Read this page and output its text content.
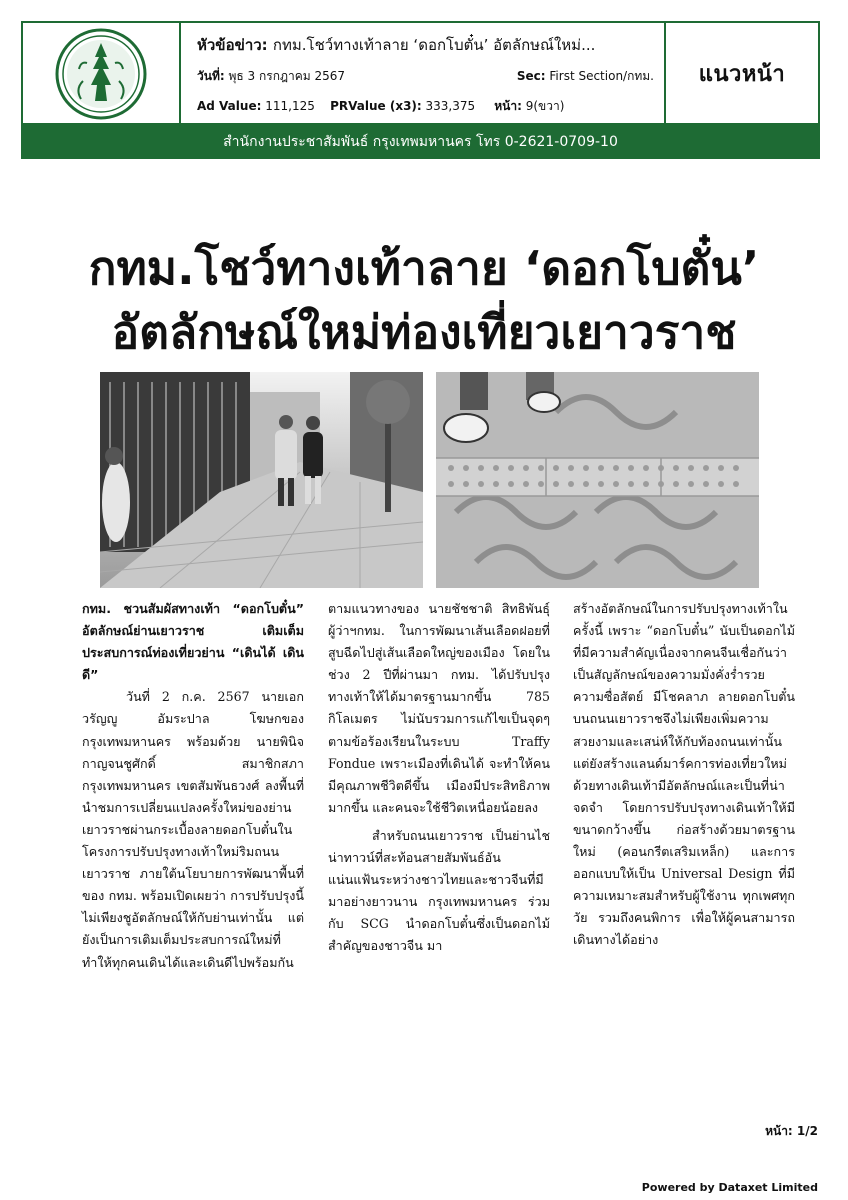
หัวข้อข่าว: กทม.โชว์ทางเท้าลาย ‘ดอกโบตั๋น’ อัตลักษณ์ใหม่...
วันที่: พุธ 3 กรกฎาคม 2567	Sec: First Section/กทม.
Ad Value: 111,125 PRValue (x3): 333,375 หน้า: 9(ขวา)
แนวหน้า
สำนักงานประชาสัมพันธ์ กรุงเทพมหานคร โทร 0-2621-0709-10
กทม.โชว์ทางเท้าลาย ‘ดอกโบตั๋น’
อัตลักษณ์ใหม่ท่องเที่ยวเยาวราช

กทม. ชวนสัมผัสทางเท้า “ดอกโบตั๋น” อัตลักษณ์ย่านเยาวราช เติมเต็มประสบการณ์ท่องเที่ยวย่าน “เดินได้ เดินดี”

วันที่ 2 ก.ค. 2567 นายเอกวรัญญู อัมระปาล โฆษกของกรุงเทพมหานคร พร้อมด้วย นายพินิจ กาญจนชูศักดิ์ สมาชิกสภากรุงเทพมหานคร เขตสัมพันธวงศ์ ลงพื้นที่นำชมการเปลี่ยนแปลงครั้งใหม่ของย่านเยาวราชผ่านกระเบื้องลายดอกโบตั๋นในโครงการปรับปรุงทางเท้าใหม่ริมถนนเยาวราช ภายใต้นโยบายการพัฒนาพื้นที่ของ กทม. พร้อมเปิดเผยว่า การปรับปรุงนี้ไม่เพียงชูอัตลักษณ์ให้กับย่านเท่านั้น แต่ยังเป็นการเติมเต็มประสบการณ์ใหม่ที่ทำให้ทุกคนเดินได้และเดินดีไปพร้อมกัน

ตามแนวทางของ นายชัชชาติ สิทธิพันธุ์ ผู้ว่าฯกทม. ในการพัฒนาเส้นเลือดฝอยที่สูบฉีดไปสู่เส้นเลือดใหญ่ของเมือง โดยในช่วง 2 ปีที่ผ่านมา กทม. ได้ปรับปรุงทางเท้าให้ได้มาตรฐานมากขึ้น 785 กิโลเมตร ไม่นับรวมการแก้ไขเป็นจุดๆ ตามข้อร้องเรียนในระบบ Traffy Fondue เพราะเมืองที่เดินได้ จะทำให้คนมีคุณภาพชีวิตดีขึ้น เมืองมีประสิทธิภาพมากขึ้น และคนจะใช้ชีวิตเหนื่อยน้อยลง

สำหรับถนนเยาวราช เป็นย่านไชน่าทาวน์ที่สะท้อนสายสัมพันธ์อันแน่นแฟ้นระหว่างชาวไทยและชาวจีนที่มีมาอย่างยาวนาน กรุงเทพมหานคร ร่วมกับ SCG นำดอกโบตั๋นซึ่งเป็นดอกไม้สำคัญของชาวจีน มา

สร้างอัตลักษณ์ในการปรับปรุงทางเท้าในครั้งนี้ เพราะ “ดอกโบตั๋น” นับเป็นดอกไม้ที่มีความสำคัญเนื่องจากคนจีนเชื่อกันว่าเป็นสัญลักษณ์ของความมั่งคั่งร่ำรวย ความซื่อสัตย์ มีโชคลาภ ลายดอกโบตั๋นบนถนนเยาวราชจึงไม่เพียงเพิ่มความสวยงามและเสน่ห์ให้กับท้องถนนเท่านั้น แต่ยังสร้างแลนด์มาร์คการท่องเที่ยวใหม่ ด้วยทางเดินเท้ามีอัตลักษณ์และเป็นที่น่าจดจำ โดยการปรับปรุงทางเดินเท้าให้มีขนาดกว้างขึ้น ก่อสร้างด้วยมาตรฐานใหม่ (คอนกรีตเสริมเหล็ก) และการออกแบบให้เป็น Universal Design ที่มีความเหมาะสมสำหรับผู้ใช้งาน ทุกเพศทุกวัย รวมถึงคนพิการ เพื่อให้ผู้คนสามารถเดินทางได้อย่าง

หน้า: 1/2
Powered by Dataxet Limited
